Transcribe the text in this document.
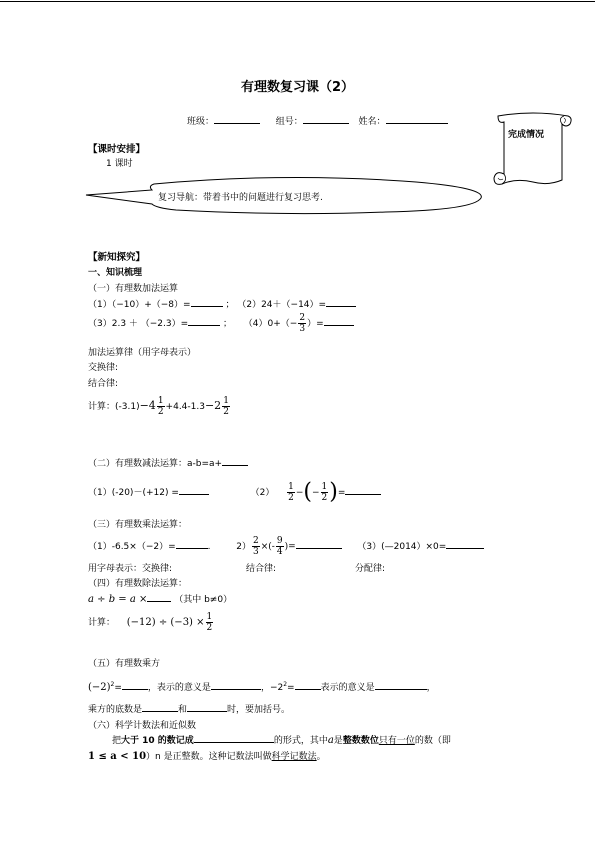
有理数复习课（2）
班级：	组号：	姓名：
完成情况
【课时安排】
1 课时
复习导航：带着书中的问题进行复习思考.
【新知探究】
一、知识梳理
（一）有理数加法运算
（1）（−10）+（−8）=	； （2）24＋（−14）=
（3）2.3 ＋ （−2.3）=	； $(4)0+(- \frac{2}{3}$ ）=
加法运算律（用字母表示）
交换律:
结合律:
计算：$(-3.1)-4 \frac{1}{2} +4.4-1.3-2 \frac{1}{2}$
（二）有理数减法运算：a-b=a+
（1）(-20)－(+12) =	$(2) \frac{1}{2}$ −(− $\frac{1}{2}$ )=
（三）有理数乘法运算：
（1）-6.5×（−2）=	.	$2) \frac{2}{3}$ ×(- $\frac{9}{4}$ )=	（3）(—2014）×0=
用字母表示：交换律:	结合律:	分配律:
（四）有理数除法运算：
a ÷ b = a ×	（其中 b≠0）
计算： $(-12) \div (-3) \times \frac{1}{2}$
（五）有理数乘方
$(-2)^2=$	，表示的意义是	，$-2^2=$	表示的意义是	，
乘方的底数是	和	时，要加括号。
（六）科学计数法和近似数
把大于 10 的数记成	的形式，其中a是整数数位只有一位的数（即
1 ≤ a < 10）n 是正整数。这种记数法叫做科学记数法。
